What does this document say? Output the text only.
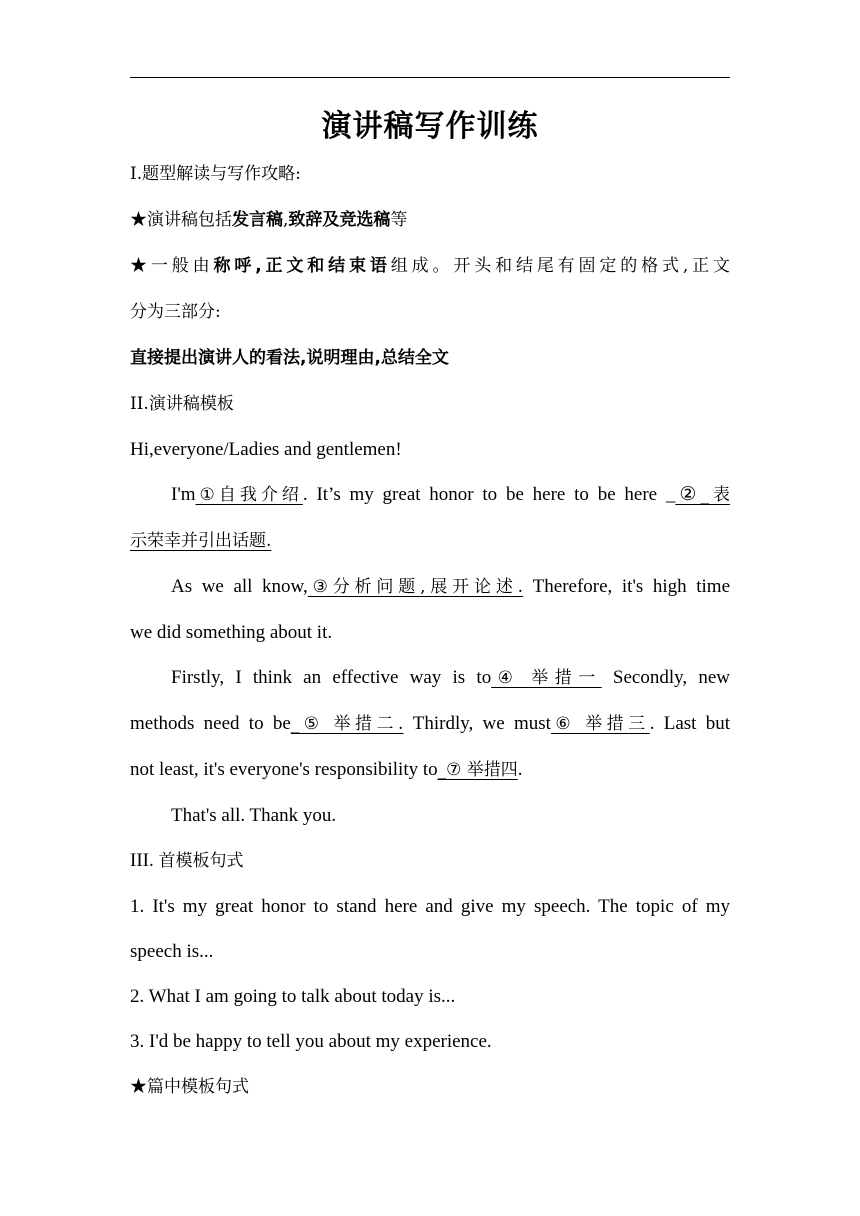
演讲稿写作训练

I.题型解读与写作攻略:

★演讲稿包括发言稿,致辞及竞选稿等

★一般由称呼,正文和结束语组成。开头和结尾有固定的格式,正文

分为三部分:

直接提出演讲人的看法,说明理由,总结全文

II.演讲稿模板

Hi,everyone/Ladies and gentlemen!

I'm①自我介绍. It’s my great honor to be here to be here _②_表

示荣幸并引出话题.

As we all know,③分析问题,展开论述. Therefore, it's high time

we did something about it.

Firstly, I think an effective way is to④ 举措一 Secondly, new

methods need to be_⑤ 举措二. Thirdly, we must⑥ 举措三. Last but

not least, it's everyone's responsibility to_⑦ 举措四.

That's all. Thank you.

III. 首模板句式

1. It's my great honor to stand here and give my speech. The topic of my

speech is...

2. What I am going to talk about today is...

3. I'd be happy to tell you about my experience.

★篇中模板句式
